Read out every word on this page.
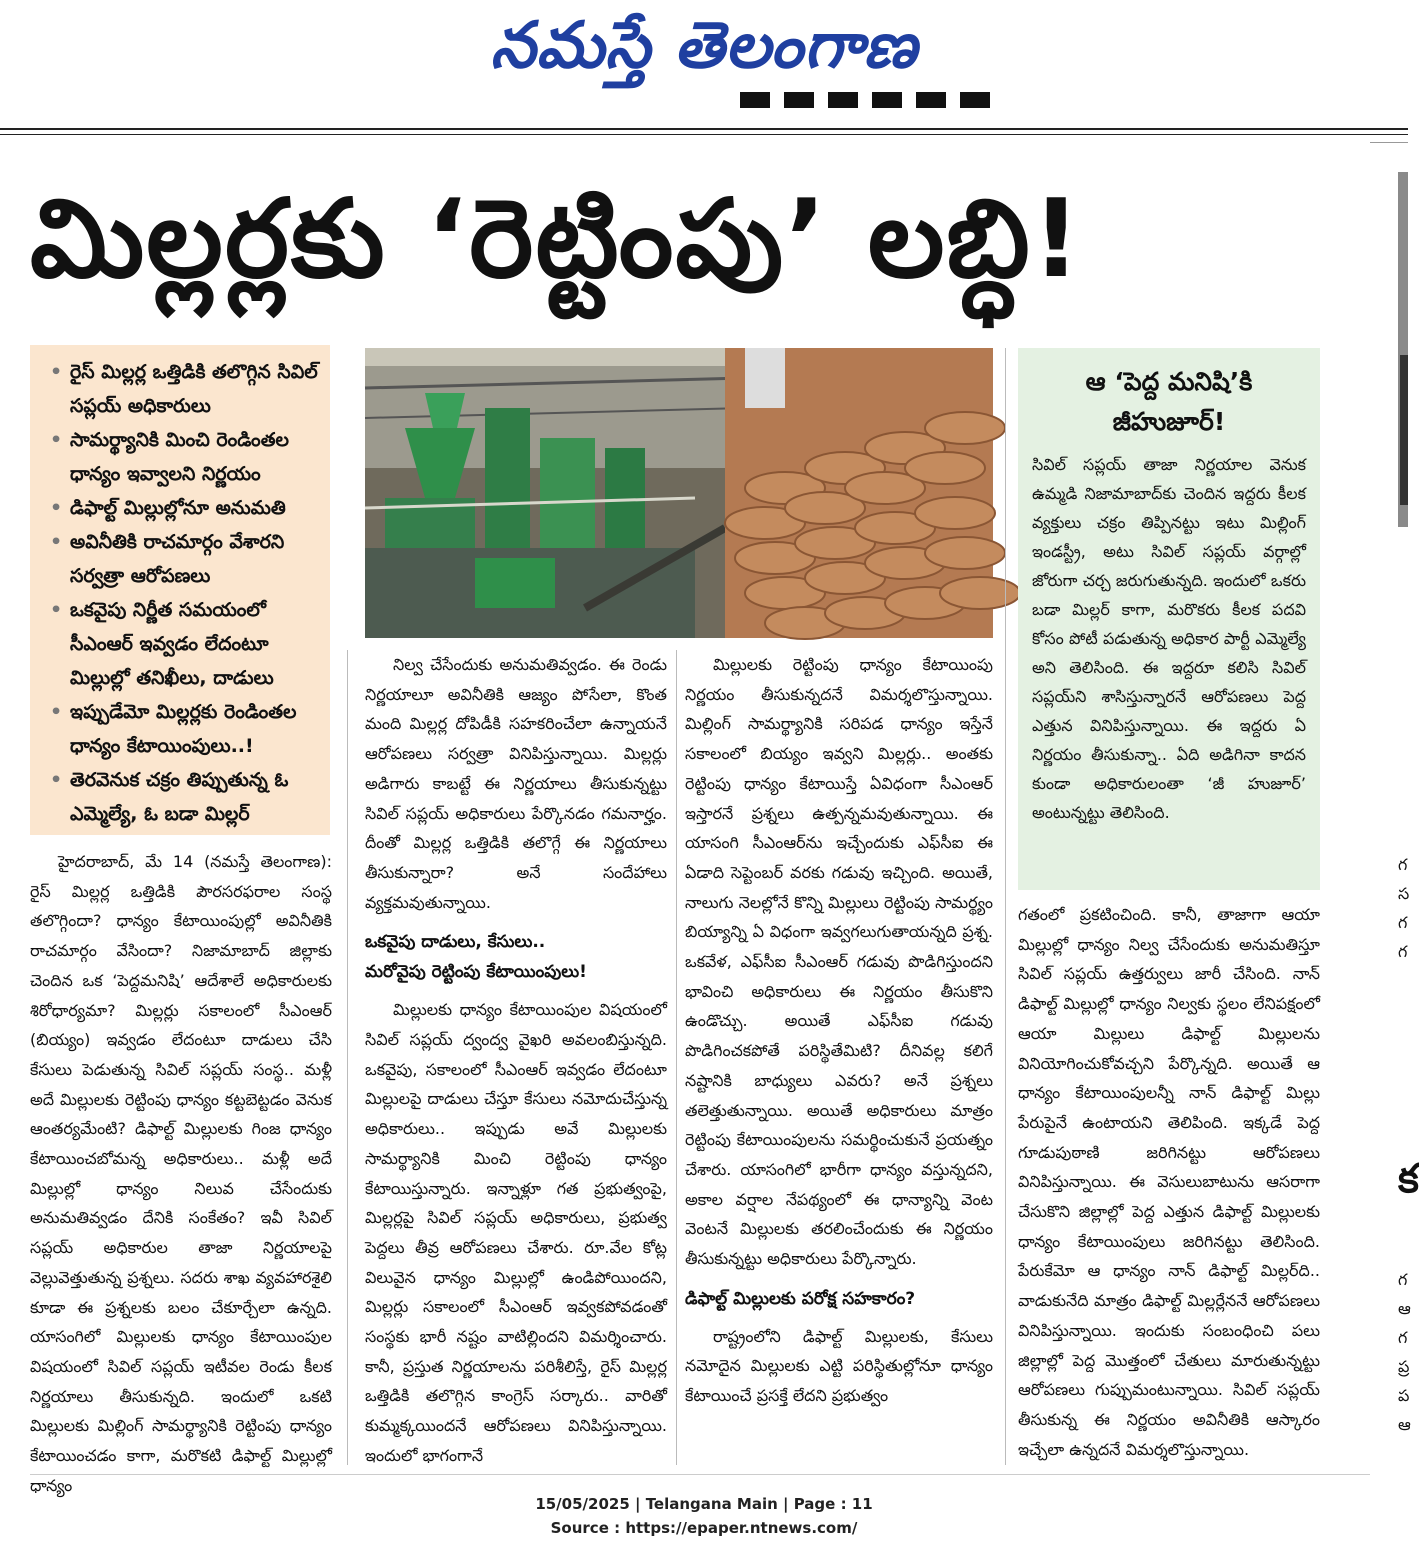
నమస్తే తెలంగాణ
మిల్లర్లకు ‘రెట్టింపు’ లబ్ధి!
• రైస్ మిల్లర్ల ఒత్తిడికి తలొగ్గిన సివిల్ సప్లయ్ అధికారులు
• సామర్థ్యానికి మించి రెండింతల ధాన్యం ఇవ్వాలని నిర్ణయం
• డిఫాల్ట్ మిల్లుల్లోనూ అనుమతి
• అవినీతికి రాచమార్గం వేశారని సర్వత్రా ఆరోపణలు
• ఒకవైపు నిర్ణీత సమయంలో సీఎంఆర్ ఇవ్వడం లేదంటూ మిల్లుల్లో తనిఖీలు, దాడులు
• ఇప్పుడేమో మిల్లర్లకు రెండింతల ధాన్యం కేటాయింపులు..!
• తెరవెనుక చక్రం తిప్పుతున్న ఓ ఎమ్మెల్యే, ఓ బడా మిల్లర్
ఆ ‘పెద్ద మనిషి’కి
జీహుజూర్!
సివిల్ సప్లయ్ తాజా నిర్ణయాల వెనుక ఉమ్మడి నిజామాబాద్‌కు చెందిన ఇద్దరు కీలక వ్యక్తులు చక్రం తిప్పినట్టు ఇటు మిల్లింగ్ ఇండస్ట్రీ, అటు సివిల్ సప్లయ్ వర్గాల్లో జోరుగా చర్చ జరుగుతున్నది. ఇందులో ఒకరు బడా మిల్లర్ కాగా, మరొకరు కీలక పదవి కోసం పోటీ పడుతున్న అధికార పార్టీ ఎమ్మెల్యే అని తెలిసింది. ఈ ఇద్దరూ కలిసి సివిల్ సప్లయ్‌ని శాసిస్తున్నారనే ఆరోపణలు పెద్ద ఎత్తున వినిపిస్తున్నాయి. ఈ ఇద్దరు ఏ నిర్ణయం తీసుకున్నా.. ఏది అడిగినా కాదన కుండా అధికారులంతా ‘జీ హుజూర్’ అంటున్నట్టు తెలిసింది.

హైదరాబాద్, మే 14 (నమస్తే తెలంగాణ): రైస్ మిల్లర్ల ఒత్తిడికి పౌరసరఫరాల సంస్థ తలొగ్గిందా? ధాన్యం కేటాయింపుల్లో అవినీతికి రాచమార్గం వేసిందా? నిజామాబాద్ జిల్లాకు చెందిన ఒక ‘పెద్దమనిషి’ ఆదేశాలే అధికారులకు శిరోధార్యమా? మిల్లర్లు సకాలంలో సీఎంఆర్ (బియ్యం) ఇవ్వడం లేదంటూ దాడులు చేసి కేసులు పెడుతున్న సివిల్ సప్లయ్ సంస్థ.. మళ్లీ అదే మిల్లులకు రెట్టింపు ధాన్యం కట్టబెట్టడం వెనుక ఆంతర్యమేంటి? డిఫాల్ట్ మిల్లులకు గింజ ధాన్యం కేటాయించబోమన్న అధికారులు.. మళ్లీ అదే మిల్లుల్లో ధాన్యం నిలువ చేసేందుకు అనుమతివ్వడం దేనికి సంకేతం? ఇవీ సివిల్ సప్లయ్ అధికారుల తాజా నిర్ణయాలపై వెల్లువెత్తుతున్న ప్రశ్నలు. సదరు శాఖ వ్యవహారశైలి కూడా ఈ ప్రశ్నలకు బలం చేకూర్చేలా ఉన్నది. యాసంగిలో మిల్లులకు ధాన్యం కేటాయింపుల విషయంలో సివిల్ సప్లయ్ ఇటీవల రెండు కీలక నిర్ణయాలు తీసుకున్నది. ఇందులో ఒకటి మిల్లులకు మిల్లింగ్ సామర్థ్యానికి రెట్టింపు ధాన్యం కేటాయించడం కాగా, మరొకటి డిఫాల్ట్ మిల్లుల్లో ధాన్యం

నిల్వ చేసేందుకు అనుమతివ్వడం. ఈ రెండు నిర్ణయాలూ అవినీతికి ఆజ్యం పోసేలా, కొంత మంది మిల్లర్ల దోపిడీకి సహకరించేలా ఉన్నాయనే ఆరోపణలు సర్వత్రా వినిపిస్తున్నాయి. మిల్లర్లు అడిగారు కాబట్టే ఈ నిర్ణయాలు తీసుకున్నట్టు సివిల్ సప్లయ్ అధికారులు పేర్కొనడం గమనార్హం. దీంతో మిల్లర్ల ఒత్తిడికి తలొగ్గే ఈ నిర్ణయాలు తీసుకున్నారా? అనే సందేహాలు వ్యక్తమవుతున్నాయి.

ఒకవైపు దాడులు, కేసులు..
మరోవైపు రెట్టింపు కేటాయింపులు!

మిల్లులకు ధాన్యం కేటాయింపుల విషయంలో సివిల్ సప్లయ్ ద్వంద్వ వైఖరి అవలంబిస్తున్నది. ఒకవైపు, సకాలంలో సీఎంఆర్ ఇవ్వడం లేదంటూ మిల్లులపై దాడులు చేస్తూ కేసులు నమోదుచేస్తున్న అధికారులు.. ఇప్పుడు అవే మిల్లులకు సామర్థ్యానికి మించి రెట్టింపు ధాన్యం కేటాయిస్తున్నారు. ఇన్నాళ్లూ గత ప్రభుత్వంపై, మిల్లర్లపై సివిల్ సప్లయ్ అధికారులు, ప్రభుత్వ పెద్దలు తీవ్ర ఆరోపణలు చేశారు. రూ.వేల కోట్ల విలువైన ధాన్యం మిల్లుల్లో ఉండిపోయిందని, మిల్లర్లు సకాలంలో సీఎంఆర్ ఇవ్వకపోవడంతో సంస్థకు భారీ నష్టం వాటిల్లిందని విమర్శించారు. కానీ, ప్రస్తుత నిర్ణయాలను పరిశీలిస్తే, రైస్ మిల్లర్ల ఒత్తిడికి తలొగ్గిన కాంగ్రెస్ సర్కారు.. వారితో కుమ్మక్కయిందనే ఆరోపణలు వినిపిస్తున్నాయి. ఇందులో భాగంగానే

మిల్లులకు రెట్టింపు ధాన్యం కేటాయింపు నిర్ణయం తీసుకున్నదనే విమర్శలొస్తున్నాయి. మిల్లింగ్ సామర్థ్యానికి సరిపడ ధాన్యం ఇస్తేనే సకాలంలో బియ్యం ఇవ్వని మిల్లర్లు.. అంతకు రెట్టింపు ధాన్యం కేటాయిస్తే ఏవిధంగా సీఎంఆర్ ఇస్తారనే ప్రశ్నలు ఉత్పన్నమవుతున్నాయి. ఈ యాసంగి సీఎంఆర్‌ను ఇచ్చేందుకు ఎఫ్‌సీఐ ఈ ఏడాది సెప్టెంబర్ వరకు గడువు ఇచ్చింది. అయితే, నాలుగు నెలల్లోనే కొన్ని మిల్లులు రెట్టింపు సామర్థ్యం బియ్యాన్ని ఏ విధంగా ఇవ్వగలుగుతాయన్నది ప్రశ్న. ఒకవేళ, ఎఫ్‌సీఐ సీఎంఆర్ గడువు పొడిగిస్తుందని భావించి అధికారులు ఈ నిర్ణయం తీసుకొని ఉండొచ్చు. అయితే ఎఫ్‌సీఐ గడువు పొడిగించకపోతే పరిస్థితేమిటి? దీనివల్ల కలిగే నష్టానికి బాధ్యులు ఎవరు? అనే ప్రశ్నలు తలెత్తుతున్నాయి. అయితే అధికారులు మాత్రం రెట్టింపు కేటాయింపులను సమర్థించుకునే ప్రయత్నం చేశారు. యాసంగిలో భారీగా ధాన్యం వస్తున్నదని, అకాల వర్షాల నేపథ్యంలో ఈ ధాన్యాన్ని వెంట వెంటనే మిల్లులకు తరలించేందుకు ఈ నిర్ణయం తీసుకున్నట్టు అధికారులు పేర్కొన్నారు.

డిఫాల్ట్ మిల్లులకు పరోక్ష సహకారం?

రాష్ట్రంలోని డిఫాల్ట్ మిల్లులకు, కేసులు నమోదైన మిల్లులకు ఎట్టి పరిస్థితుల్లోనూ ధాన్యం కేటాయించే ప్రసక్తే లేదని ప్రభుత్వం

గతంలో ప్రకటించింది. కానీ, తాజాగా ఆయా మిల్లుల్లో ధాన్యం నిల్వ చేసేందుకు అనుమతిస్తూ సివిల్ సప్లయ్ ఉత్తర్వులు జారీ చేసింది. నాన్ డిఫాల్ట్ మిల్లుల్లో ధాన్యం నిల్వకు స్థలం లేనిపక్షంలో ఆయా మిల్లులు డిఫాల్ట్ మిల్లులను వినియోగించుకోవచ్చని పేర్కొన్నది. అయితే ఆ ధాన్యం కేటాయింపులన్నీ నాన్ డిఫాల్ట్ మిల్లు పేరుపైనే ఉంటాయని తెలిపింది. ఇక్కడే పెద్ద గూడుపుఠాణి జరిగినట్టు ఆరోపణలు వినిపిస్తున్నాయి. ఈ వెసులుబాటును ఆసరాగా చేసుకొని జిల్లాల్లో పెద్ద ఎత్తున డిఫాల్ట్ మిల్లులకు ధాన్యం కేటాయింపులు జరిగినట్టు తెలిసింది. పేరుకేమో ఆ ధాన్యం నాన్ డిఫాల్ట్ మిల్లర్‌ది.. వాడుకునేది మాత్రం డిఫాల్ట్ మిల్లర్లేననే ఆరోపణలు వినిపిస్తున్నాయి. ఇందుకు సంబంధించి పలు జిల్లాల్లో పెద్ద మొత్తంలో చేతులు మారుతున్నట్టు ఆరోపణలు గుప్పుమంటున్నాయి. సివిల్ సప్లయ్ తీసుకున్న ఈ నిర్ణయం అవినీతికి ఆస్కారం ఇచ్చేలా ఉన్నదనే విమర్శలొస్తున్నాయి.

గ
స
గ
గ
క
గ
ఆ
గ
ప్ర
ప
ఆ
15/05/2025 | Telangana Main | Page : 11
Source : https://epaper.ntnews.com/
